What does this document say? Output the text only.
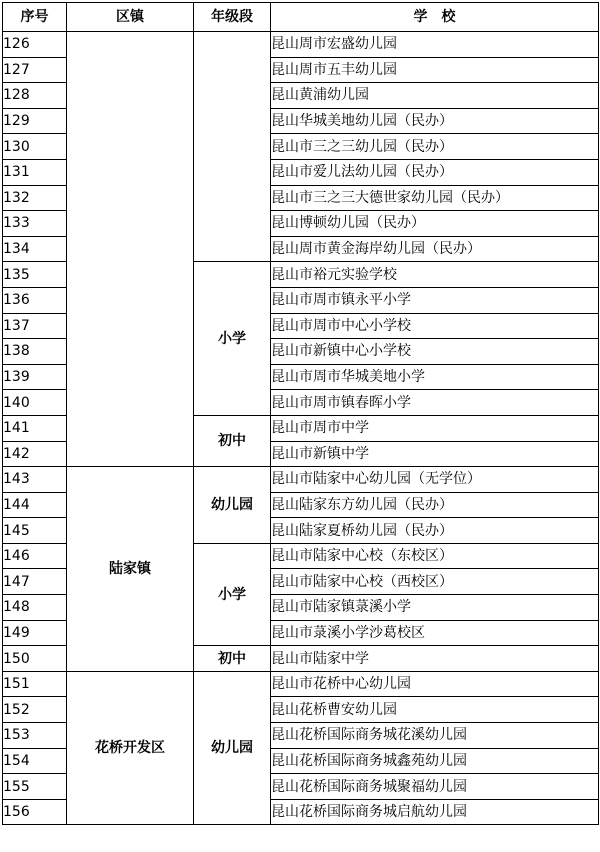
序号	区镇	年级段	学　校
126			昆山周市宏盛幼儿园
127			昆山周市五丰幼儿园
128			昆山黄浦幼儿园
129			昆山华城美地幼儿园（民办）
130			昆山市三之三幼儿园（民办）
131			昆山市爱儿法幼儿园（民办）
132			昆山市三之三大德世家幼儿园（民办）
133			昆山博顿幼儿园（民办）
134			昆山周市黄金海岸幼儿园（民办）
135		小学	昆山市裕元实验学校
136			昆山市周市镇永平小学
137			昆山市周市中心小学校
138			昆山市新镇中心小学校
139			昆山市周市华城美地小学
140			昆山市周市镇春晖小学
141		初中	昆山市周市中学
142			昆山市新镇中学
143	陆家镇	幼儿园	昆山市陆家中心幼儿园（无学位）
144			昆山陆家东方幼儿园（民办）
145			昆山陆家夏桥幼儿园（民办）
146		小学	昆山市陆家中心校（东校区）
147			昆山市陆家中心校（西校区）
148			昆山市陆家镇菉溪小学
149			昆山市菉溪小学沙葛校区
150		初中	昆山市陆家中学
151	花桥开发区	幼儿园	昆山市花桥中心幼儿园
152			昆山花桥曹安幼儿园
153			昆山花桥国际商务城花溪幼儿园
154			昆山花桥国际商务城鑫苑幼儿园
155			昆山花桥国际商务城聚福幼儿园
156			昆山花桥国际商务城启航幼儿园
